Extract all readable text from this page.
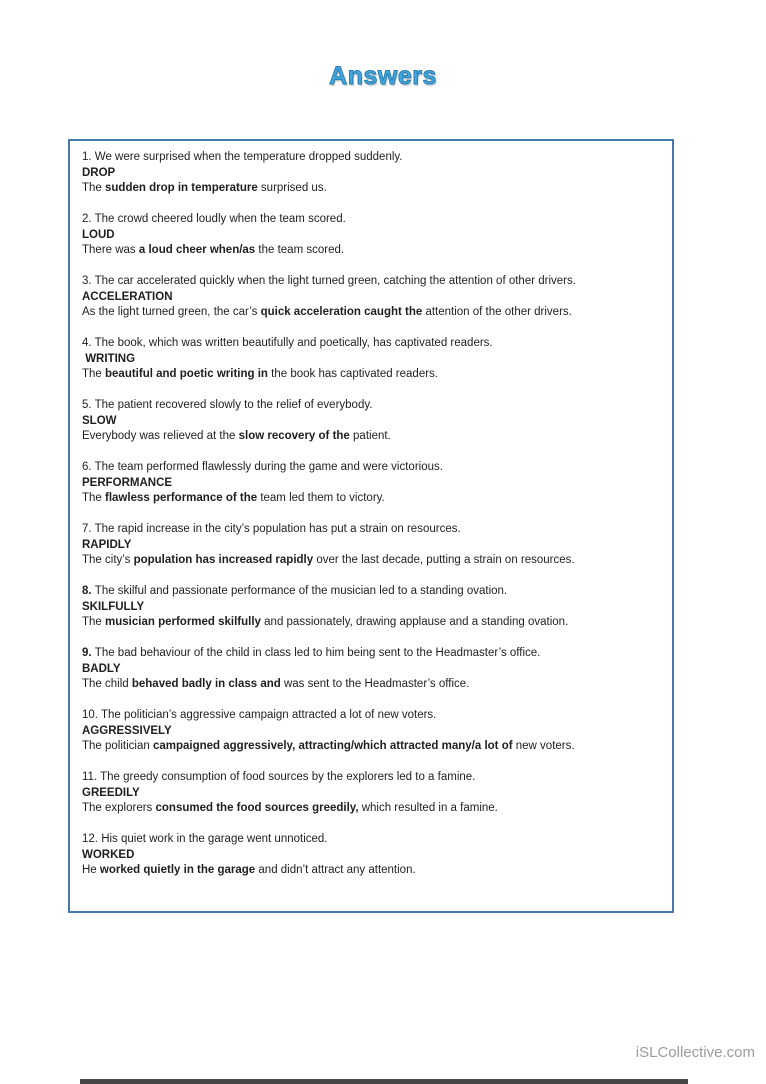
Answers
1. We were surprised when the temperature dropped suddenly.
DROP
The sudden drop in temperature surprised us.
2. The crowd cheered loudly when the team scored.
LOUD
There was a loud cheer when/as the team scored.
3. The car accelerated quickly when the light turned green, catching the attention of other drivers.
ACCELERATION
As the light turned green, the car’s quick acceleration caught the attention of the other drivers.
4. The book, which was written beautifully and poetically, has captivated readers.
WRITING
The beautiful and poetic writing in the book has captivated readers.
5. The patient recovered slowly to the relief of everybody.
SLOW
Everybody was relieved at the slow recovery of the patient.
6. The team performed flawlessly during the game and were victorious.
PERFORMANCE
The flawless performance of the team led them to victory.
7. The rapid increase in the city’s population has put a strain on resources.
RAPIDLY
The city’s population has increased rapidly over the last decade, putting a strain on resources.
8. The skilful and passionate performance of the musician led to a standing ovation.
SKILFULLY
The musician performed skilfully and passionately, drawing applause and a standing ovation.
9. The bad behaviour of the child in class led to him being sent to the Headmaster’s office.
BADLY
The child behaved badly in class and was sent to the Headmaster’s office.
10. The politician’s aggressive campaign attracted a lot of new voters.
AGGRESSIVELY
The politician campaigned aggressively, attracting/which attracted many/a lot of new voters.
11. The greedy consumption of food sources by the explorers led to a famine.
GREEDILY
The explorers consumed the food sources greedily, which resulted in a famine.
12. His quiet work in the garage went unnoticed.
WORKED
He worked quietly in the garage and didn’t attract any attention.
iSLCollective.com
